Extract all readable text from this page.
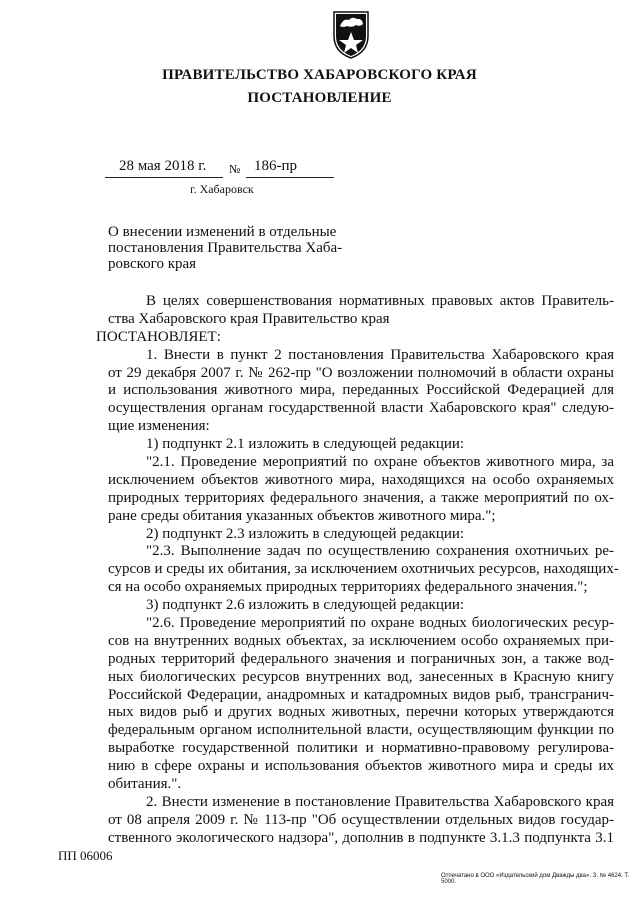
ПРАВИТЕЛЬСТВО ХАБАРОВСКОГО КРАЯ
ПОСТАНОВЛЕНИЕ
28 мая 2018 г. № 186-пр
г. Хабаровск
О внесении изменений в отдельные
постановления Правительства Хаба-
ровского края
В целях совершенствования нормативных правовых актов Правитель-
ства Хабаровского края Правительство края
ПОСТАНОВЛЯЕТ:
1. Внести в пункт 2 постановления Правительства Хабаровского края
от 29 декабря 2007 г. № 262-пр "О возложении полномочий в области охраны
и использования животного мира, переданных Российской Федерацией для
осуществления органам государственной власти Хабаровского края" следую-
щие изменения:
1) подпункт 2.1 изложить в следующей редакции:
"2.1. Проведение мероприятий по охране объектов животного мира, за
исключением объектов животного мира, находящихся на особо охраняемых
природных территориях федерального значения, а также мероприятий по ох-
ране среды обитания указанных объектов животного мира.";
2) подпункт 2.3 изложить в следующей редакции:
"2.3. Выполнение задач по осуществлению сохранения охотничьих ре-
сурсов и среды их обитания, за исключением охотничьих ресурсов, находящих-
ся на особо охраняемых природных территориях федерального значения.";
3) подпункт 2.6 изложить в следующей редакции:
"2.6. Проведение мероприятий по охране водных биологических ресур-
сов на внутренних водных объектах, за исключением особо охраняемых при-
родных территорий федерального значения и пограничных зон, а также вод-
ных биологических ресурсов внутренних вод, занесенных в Красную книгу
Российской Федерации, анадромных и катадромных видов рыб, трансгранич-
ных видов рыб и других водных животных, перечни которых утверждаются
федеральным органом исполнительной власти, осуществляющим функции по
выработке государственной политики и нормативно-правовому регулирова-
нию в сфере охраны и использования объектов животного мира и среды их
обитания.".
2. Внести изменение в постановление Правительства Хабаровского края
от 08 апреля 2009 г. № 113-пр "Об осуществлении отдельных видов государ-
ственного экологического надзора", дополнив в подпункте 3.1.3 подпункта 3.1
ПП 06006
Отпечатано в ООО «Издательский дом Дважды два». З. № 4624. Т. 5000.
